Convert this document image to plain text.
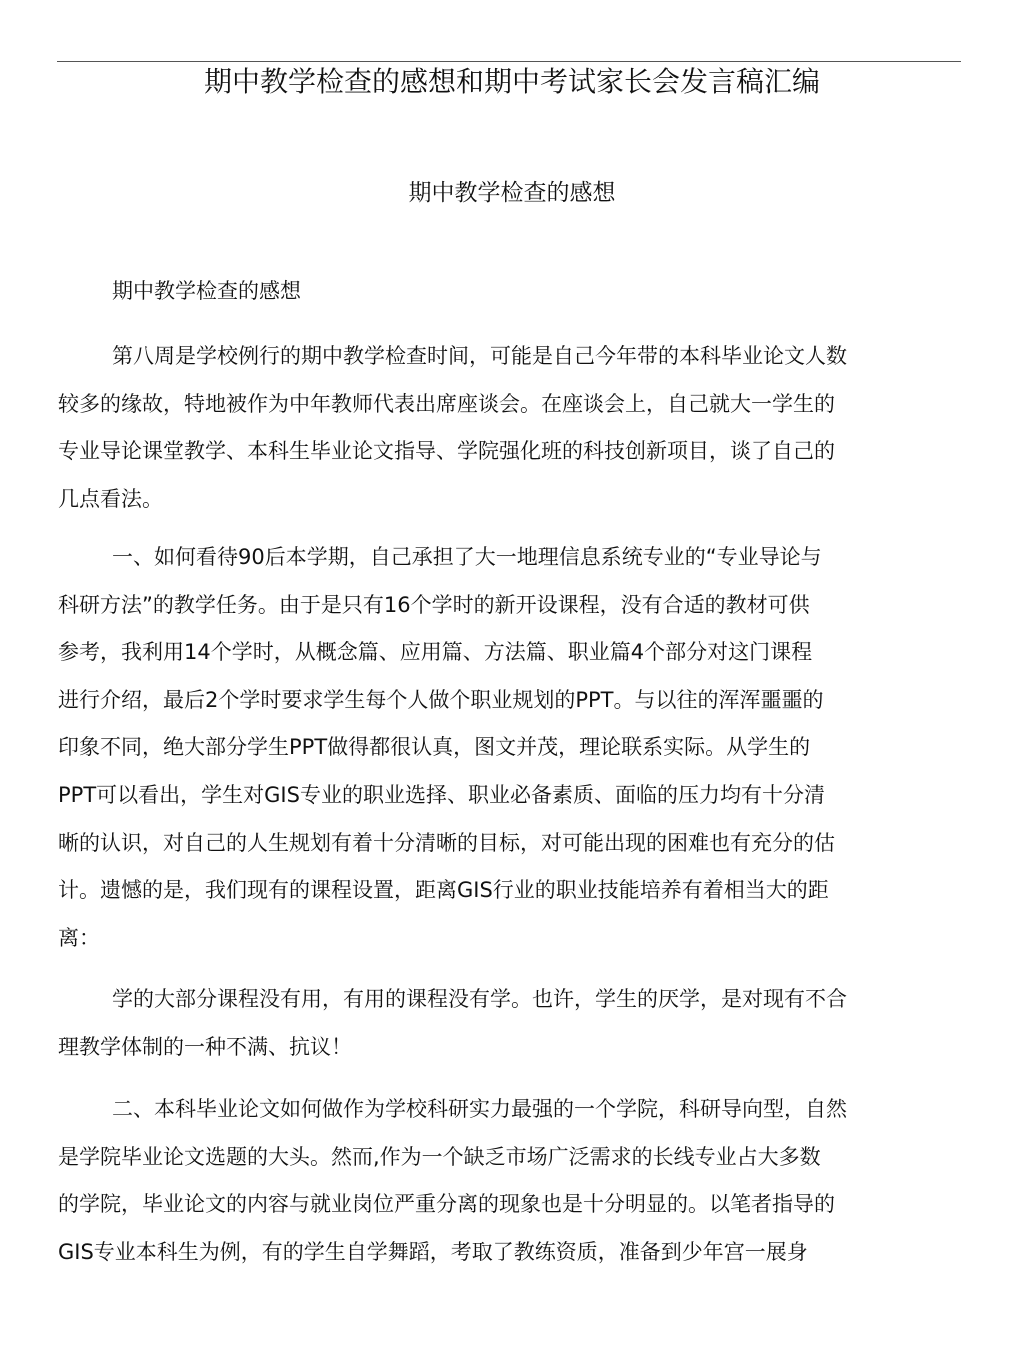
期中教学检查的感想和期中考试家长会发言稿汇编
期中教学检查的感想
期中教学检查的感想
第八周是学校例行的期中教学检查时间，可能是自己今年带的本科毕业论文人数
较多的缘故，特地被作为中年教师代表出席座谈会。在座谈会上，自己就大一学生的
专业导论课堂教学、本科生毕业论文指导、学院强化班的科技创新项目，谈了自己的
几点看法。
一、如何看待90后本学期，自己承担了大一地理信息系统专业的“专业导论与
科研方法”的教学任务。由于是只有16个学时的新开设课程，没有合适的教材可供
参考，我利用14个学时，从概念篇、应用篇、方法篇、职业篇4个部分对这门课程
进行介绍，最后2个学时要求学生每个人做个职业规划的PPT。与以往的浑浑噩噩的
印象不同，绝大部分学生PPT做得都很认真，图文并茂，理论联系实际。从学生的
PPT可以看出，学生对GIS专业的职业选择、职业必备素质、面临的压力均有十分清
晰的认识，对自己的人生规划有着十分清晰的目标，对可能出现的困难也有充分的估
计。遗憾的是，我们现有的课程设置，距离GIS行业的职业技能培养有着相当大的距
离：
学的大部分课程没有用，有用的课程没有学。也许，学生的厌学，是对现有不合
理教学体制的一种不满、抗议！
二、本科毕业论文如何做作为学校科研实力最强的一个学院，科研导向型，自然
是学院毕业论文选题的大头。然而,作为一个缺乏市场广泛需求的长线专业占大多数
的学院，毕业论文的内容与就业岗位严重分离的现象也是十分明显的。以笔者指导的
GIS专业本科生为例，有的学生自学舞蹈，考取了教练资质，准备到少年宫一展身
